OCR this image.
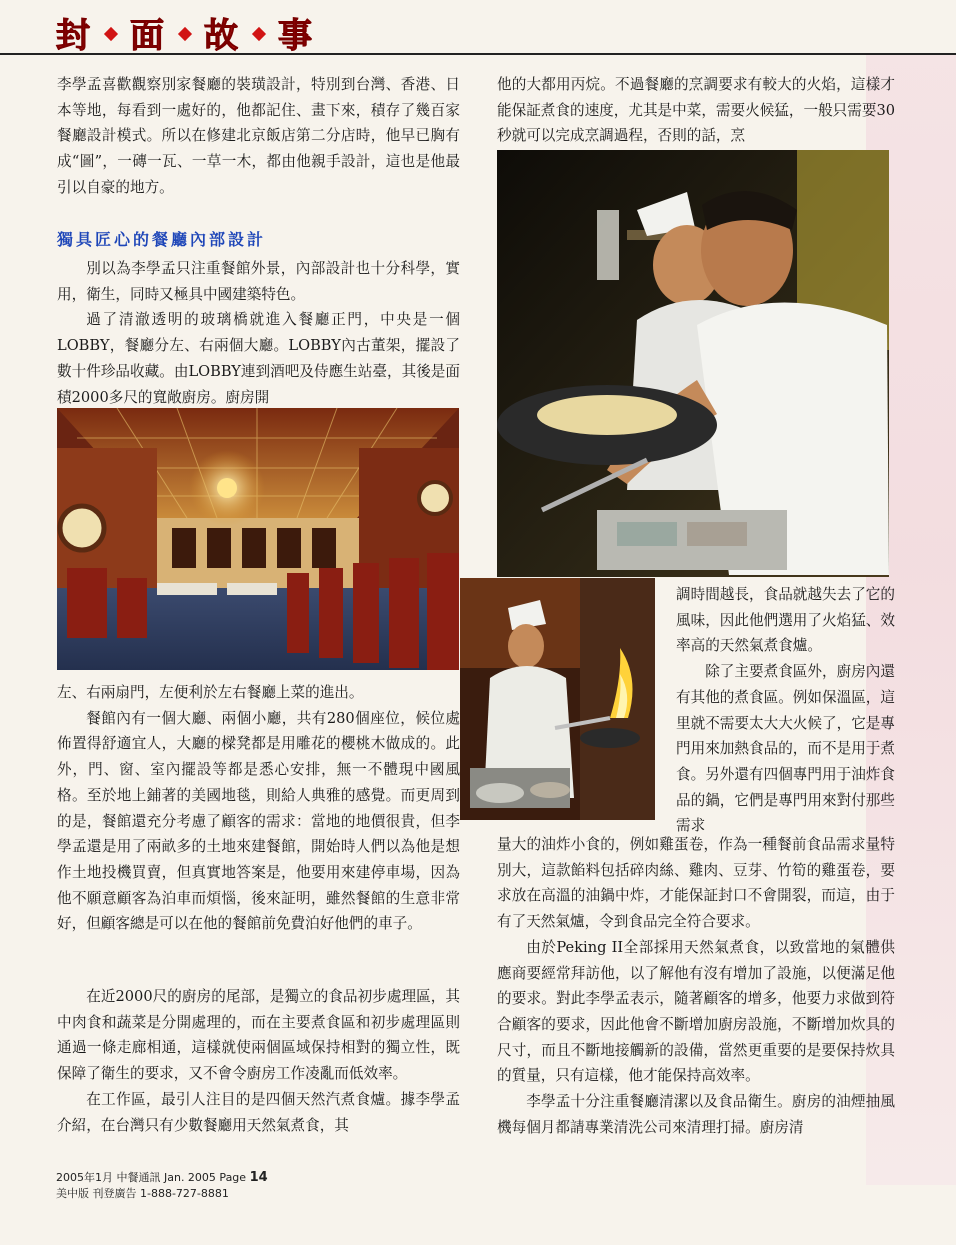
封 面 故 事

李學孟喜歡觀察別家餐廳的裝璜設計，特別到台灣、香港、日本等地，每看到一處好的，他都記住、畫下來，積存了幾百家餐廳設計模式。所以在修建北京飯店第二分店時，他早已胸有成“圖”，一磚一瓦、一草一木，都由他親手設計，這也是他最引以自豪的地方。

獨具匠心的餐廳內部設計

別以為李學孟只注重餐館外景，內部設計也十分科學，實用，衛生，同時又極具中國建築特色。

過了清澈透明的玻璃橋就進入餐廳正門，中央是一個LOBBY，餐廳分左、右兩個大廳。LOBBY內古董架，擺設了數十件珍品收藏。由LOBBY連到酒吧及侍應生站臺，其後是面積2000多尺的寬敞廚房。廚房開

左、右兩扇門，左便利於左右餐廳上菜的進出。

餐館內有一個大廳、兩個小廳，共有280個座位，候位處佈置得舒適宜人，大廳的樑凳都是用雕花的櫻桃木做成的。此外，門、窗、室內擺設等都是悉心安排，無一不體現中國風格。至於地上鋪著的美國地毯，則給人典雅的感覺。而更周到的是，餐館還充分考慮了顧客的需求：當地的地價很貴，但李學孟還是用了兩畝多的土地來建餐館，開始時人們以為他是想作土地投機買賣，但真實地答案是，他要用來建停車場，因為他不願意顧客為泊車而煩惱，後來証明，雖然餐館的生意非常好，但顧客總是可以在他的餐館前免費泊好他們的車子。

在近2000尺的廚房的尾部，是獨立的食品初步處理區，其中肉食和蔬菜是分開處理的，而在主要煮食區和初步處理區則通過一條走廊相通，這樣就使兩個區域保持相對的獨立性，既保障了衛生的要求，又不會令廚房工作凌亂而低效率。

在工作區，最引人注目的是四個天然汽煮食爐。據李學孟介紹，在台灣只有少數餐廳用天然氣煮食，其

他的大都用丙烷。不過餐廳的烹調要求有較大的火焰，這樣才能保証煮食的速度，尤其是中菜，需要火候猛，一般只需要30秒就可以完成烹調過程，否則的話，烹

調時間越長，食品就越失去了它的風味，因此他們選用了火焰猛、效率高的天然氣煮食爐。

除了主要煮食區外，廚房內還有其他的煮食區。例如保溫區，這里就不需要太大大火候了，它是專門用來加熱食品的，而不是用于煮食。另外還有四個專門用于油炸食品的鍋，它們是專門用來對付那些需求

量大的油炸小食的，例如雞蛋卷，作為一種餐前食品需求量特別大，這款餡料包括碎肉絲、雞肉、豆芽、竹筍的雞蛋卷，要求放在高溫的油鍋中炸，才能保証封口不會開裂，而這，由于有了天然氣爐，令到食品完全符合要求。

由於Peking II全部採用天然氣煮食，以致當地的氣體供應商要經常拜訪他，以了解他有沒有增加了設施，以便滿足他的要求。對此李學孟表示，隨著顧客的增多，他要力求做到符合顧客的要求，因此他會不斷增加廚房設施，不斷增加炊具的尺寸，而且不斷地接觸新的設備，當然更重要的是要保持炊具的質量，只有這樣，他才能保持高效率。

李學孟十分注重餐廳清潔以及食品衛生。廚房的油煙抽風機每個月都請專業清洗公司來清理打掃。廚房清

2005年1月 中餐通訊 Jan. 2005 Page 14
美中版 刊登廣告 1-888-727-8881
